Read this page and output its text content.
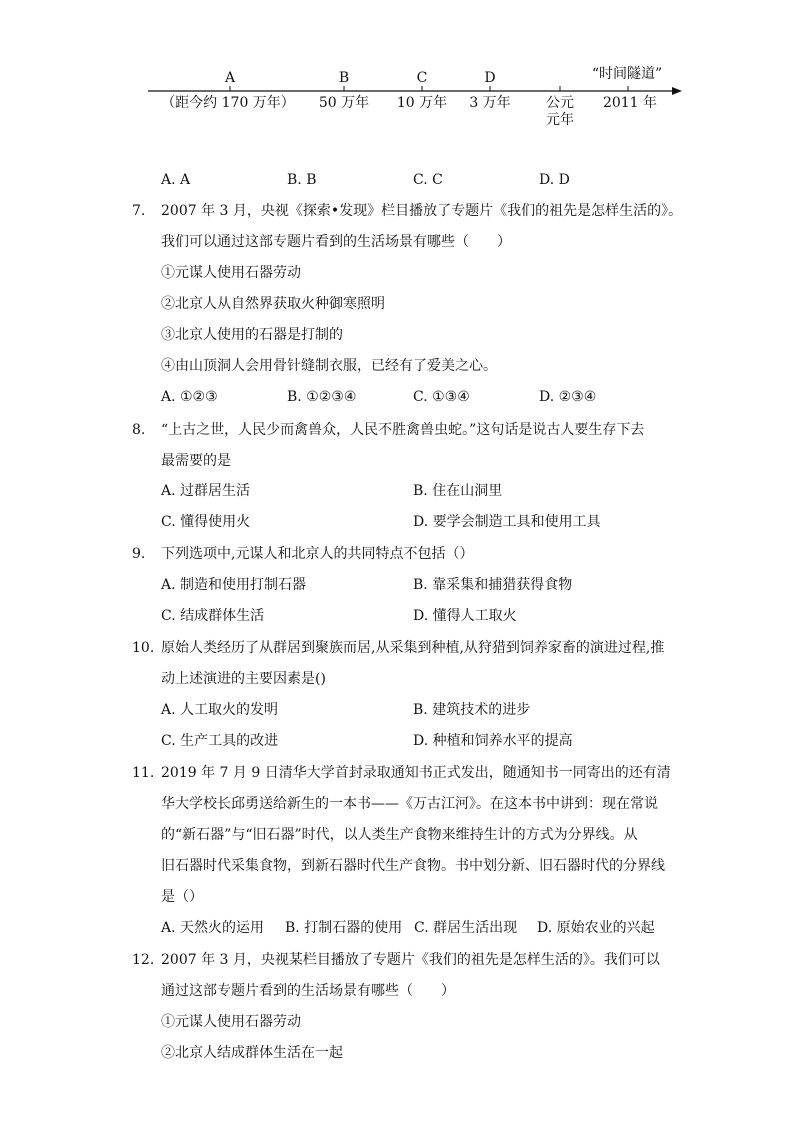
A	B	C	D	“时间隧道”
（距今约 170 万年） 50 万年 10 万年 3 万年	公元
元年
2011 年
A. A	B. B	C. C	D. D
7. 2007 年 3 月，央视《探索•发现》栏目播放了专题片《我们的祖先是怎样生活的》。
我们可以通过这部专题片看到的生活场景有哪些（　　）
①元谋人使用石器劳动
②北京人从自然界获取火种御寒照明
③北京人使用的石器是打制的
④由山顶洞人会用骨针缝制衣服，已经有了爱美之心。
A. ①②③	B. ①②③④	C. ①③④	D. ②③④
8. “上古之世，人民少而禽兽众，人民不胜禽兽虫蛇。”这句话是说古人要生存下去
最需要的是
A. 过群居生活	B. 住在山洞里
C. 懂得使用火	D. 要学会制造工具和使用工具
9. 下列选项中,元谋人和北京人的共同特点不包括（）
A. 制造和使用打制石器	B. 靠采集和捕猎获得食物
C. 结成群体生活	D. 懂得人工取火
10. 原始人类经历了从群居到聚族而居,从采集到种植,从狩猎到饲养家畜的演进过程,推
动上述演进的主要因素是()
A. 人工取火的发明	B. 建筑技术的进步
C. 生产工具的改进	D. 种植和饲养水平的提高
11. 2019 年 7 月 9 日清华大学首封录取通知书正式发出，随通知书一同寄出的还有清
华大学校长邱勇送给新生的一本书——《万古江河》。在这本书中讲到：现在常说
的“新石器”与“旧石器”时代，以人类生产食物来维持生计的方式为分界线。从
旧石器时代采集食物，到新石器时代生产食物。书中划分新、旧石器时代的分界线
是（）
A. 天然火的运用 B. 打制石器的使用 C. 群居生活出现 D. 原始农业的兴起
12. 2007 年 3 月，央视某栏目播放了专题片《我们的祖先是怎样生活的》。我们可以
通过这部专题片看到的生活场景有哪些（　　）
①元谋人使用石器劳动
②北京人结成群体生活在一起
